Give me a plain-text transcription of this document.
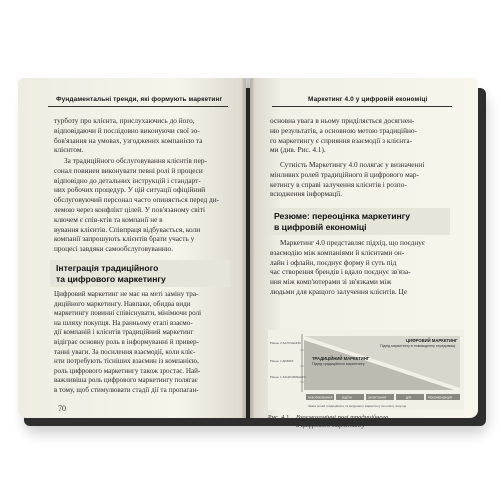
Фундаментальні тренди, які формують маркетинг
турботу про клієнта, прислухаючись до його,
відповідаючи й послідовно виконуючи свої зо-
бов'язання на умовах, узгоджених компанією та
клієнтом.
За традиційного обслуговування клієнтів пер-
сонал повинен виконувати певні ролі й процеси
відповідно до детальних інструкцій і стандарт-
них робочих процедур. У цій ситуації офіційний
обслуговуючий персонал часто опиняється перед ди-
лемою через конфлікт цілей. У пов'язаному світі
ключем є спів-ктів та компанії не в
вування клієнтів. Співпраця відбувається, коли
компанії запрошують клієнтів брати участь у
процесі завдяки самообслуговуванню.
Інтеграція традиційного
та цифрового маркетингу
Цифровий маркетинг не має на меті заміну тра-
диційного маркетингу. Навпаки, обидва види
маркетингу повинні співіснувати, мінімючи ролі
на шляху покупця. На ранньому етапі взаємо-
дії компаній і клієнтів традиційний маркетинг
відіграє основну роль в інформуванні й привер-
танні уваги. За посилення взаємодії, коли кліє-
нти потребують тісніших взаємин із компанією,
роль цифрового маркетингу також зростає. Най-
важливіша роль цифрового маркетингу полягає
в тому, щоб стимулювати стадії дії та пропаган-
70
Маркетинг 4.0 у цифровій економіці
основна увага в ньому приділяється досягнен-
ню результатів, а основною метою традиційно-
го маркетингу є сприяння взаємодії з клієнта-
ми (див. Рис. 4.1).
Сутність Маркетингу 4.0 полягає у визначенні
мінливих ролей традиційного й цифрового мар-
кетингу в справі залучення клієнтів і розпо-
всюдження інформації.
Резюме: переоцінка маркетингу
в цифровій економіці
Маркетинг 4.0 представляє підхід, що поєднує
взаємодію між компаніями й клієнтами он-
лайн і офлайн, поєднує форму й суть під
час створення брендів і вдало поєднує зв'яза-
ння між комп'ютерами зі зв'язками між
людьми для кращого залучення клієнтів. Це
Рівень 3 ЗАЛУЧЕННЯ
Рівень 2 ДОВІРА
Рівень 1 ЗАЦІКАВЛЕННЯ
ЦИФРОВИЙ МАРКЕТИНГ
Підхід маркетингу в повсякденну середовищі
ТРАДИЦІЙНИЙ МАРКЕТИНГ
Підхід традиційного маркетингу
ІНФОРМУВАННЯ	ВІДГУК	ЗАПИТАННЯ	ДІЯ	РЕКОМЕНДАЦІЯ
Зміна ролей традиційного та цифрового маркетингу на шляху покупця
Рис. 4.1 Взаємозамінні ролі традиційного
й цифрового маркетингу
